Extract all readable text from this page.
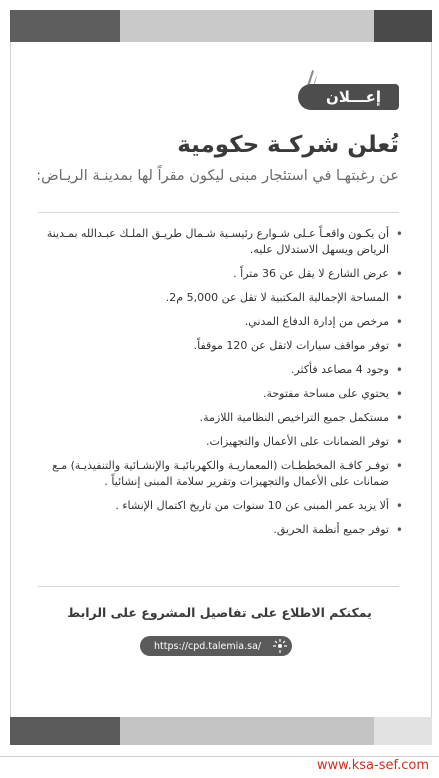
إعـــلان
تُعلن شركـة حكومية

عن رغبتهـا في استئجار مبنى ليكون مقراً لها بمدينـة الريـاض:

• أن يكـون واقعـاً عـلى شـوارع رئيسـية شـمال طريـق الملـك عبـدالله بمـدينة الرياض ويسهل الاستدلال عليه.
• عرض الشارع لا يقل عن 36 متراً .
• المساحة الإجمالية المكتبية لا تقل عن 5,000 م2.
• مرخص من إدارة الدفاع المدني.
• توفر مواقف سيارات لاتقل عن 120 موقفاً.
• وجود 4 مصاعد فأكثر.
• يحتوي على مساحة مفتوحة.
• مستكمل جميع التراخيص النظامية اللازمة.
• توفر الضمانات على الأعمال والتجهيزات.
• توفـر كافـة المخططـات (المعماريـة والكهربائيـة والإنشـائية والتنفيذيـة) مـع ضمانات على الأعمال والتجهيزات وتقرير سلامة المبنى إنشائياً .
• ألا يزيد عمر المبنى عن 10 سنوات من تاريخ اكتمال الإنشاء .
• توفر جميع أنظمة الحريق.

يمكنكم الاطلاع على تفاصيل المشروع على الرابط

https://cpd.talemia.sa/
www.ksa-sef.com
